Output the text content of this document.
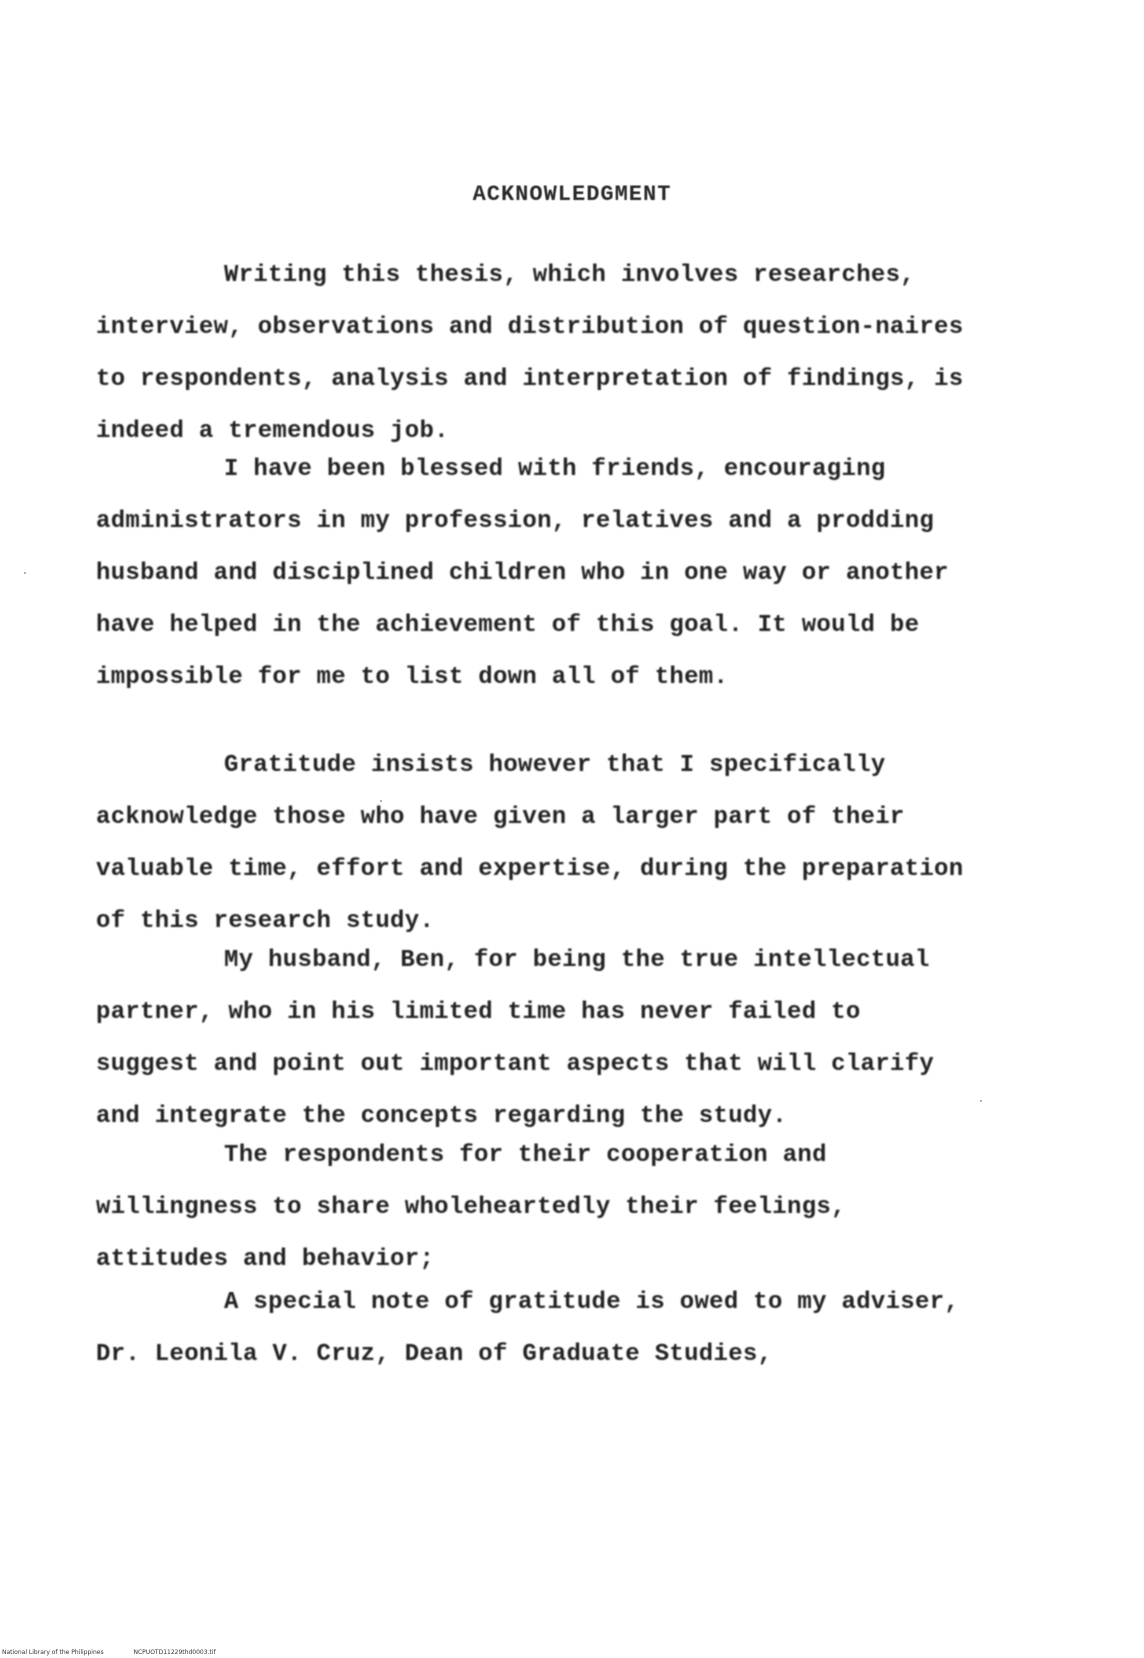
ACKNOWLEDGMENT

Writing this thesis, which involves researches, interview, observations and distribution of question-naires to respondents, analysis and interpretation of findings, is indeed a tremendous job.

I have been blessed with friends, encouraging administrators in my profession, relatives and a prodding husband and disciplined children who in one way or another have helped in the achievement of this goal. It would be impossible for me to list down all of them.

Gratitude insists however that I specifically acknowledge those who have given a larger part of their valuable time, effort and expertise, during the preparation of this research study.

My husband, Ben, for being the true intellectual partner, who in his limited time has never failed to suggest and point out important aspects that will clarify and integrate the concepts regarding the study.

The respondents for their cooperation and willingness to share wholeheartedly their feelings, attitudes and behavior;

A special note of gratitude is owed to my adviser, Dr. Leonila V. Cruz, Dean of Graduate Studies,

National Library of the Philippines	NCPUOTD11229thd0003.tif
